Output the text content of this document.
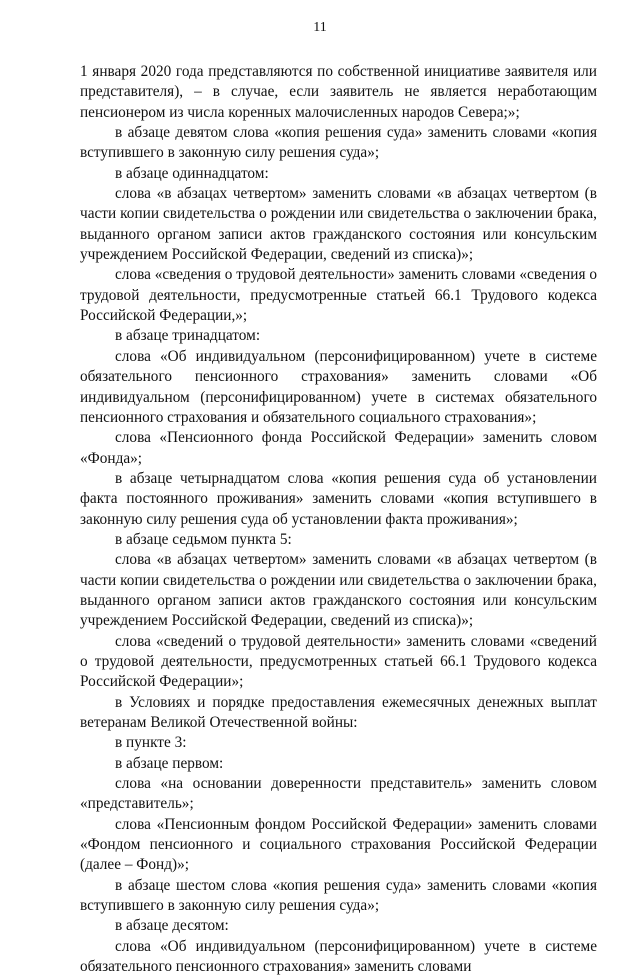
11

1 января 2020 года представляются по собственной инициативе заявителя или представителя), – в случае, если заявитель не является неработающим пенсионером из числа коренных малочисленных народов Севера;»;

в абзаце девятом слова «копия решения суда» заменить словами «копия вступившего в законную силу решения суда»;

в абзаце одиннадцатом:

слова «в абзацах четвертом» заменить словами «в абзацах четвертом (в части копии свидетельства о рождении или свидетельства о заключении брака, выданного органом записи актов гражданского состояния или консульским учреждением Российской Федерации, сведений из списка)»;

слова «сведения о трудовой деятельности» заменить словами «сведения о трудовой деятельности, предусмотренные статьей 66.1 Трудового кодекса Российской Федерации,»;

в абзаце тринадцатом:

слова «Об индивидуальном (персонифицированном) учете в системе обязательного пенсионного страхования» заменить словами «Об индивидуальном (персонифицированном) учете в системах обязательного пенсионного страхования и обязательного социального страхования»;

слова «Пенсионного фонда Российской Федерации» заменить словом «Фонда»;

в абзаце четырнадцатом слова «копия решения суда об установлении факта постоянного проживания» заменить словами «копия вступившего в законную силу решения суда об установлении факта проживания»;

в абзаце седьмом пункта 5:

слова «в абзацах четвертом» заменить словами «в абзацах четвертом (в части копии свидетельства о рождении или свидетельства о заключении брака, выданного органом записи актов гражданского состояния или консульским учреждением Российской Федерации, сведений из списка)»;

слова «сведений о трудовой деятельности» заменить словами «сведений о трудовой деятельности, предусмотренных статьей 66.1 Трудового кодекса Российской Федерации»;

в Условиях и порядке предоставления ежемесячных денежных выплат ветеранам Великой Отечественной войны:

в пункте 3:

в абзаце первом:

слова «на основании доверенности представитель» заменить словом «представитель»;

слова «Пенсионным фондом Российской Федерации» заменить словами «Фондом пенсионного и социального страхования Российской Федерации (далее – Фонд)»;

в абзаце шестом слова «копия решения суда» заменить словами «копия вступившего в законную силу решения суда»;

в абзаце десятом:

слова «Об индивидуальном (персонифицированном) учете в системе обязательного пенсионного страхования» заменить словами
